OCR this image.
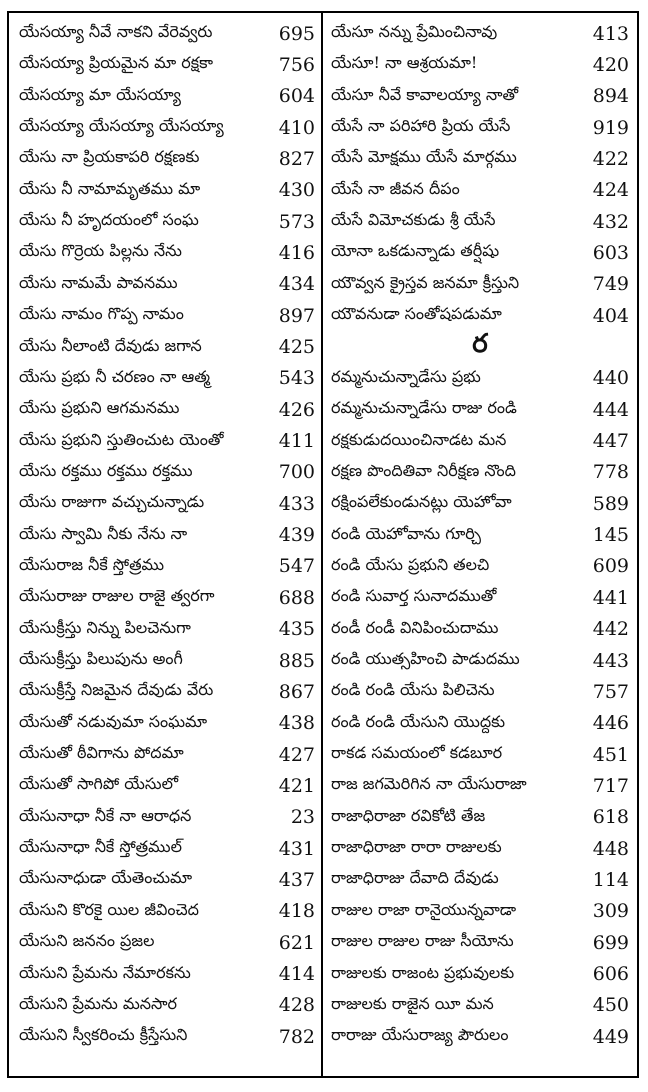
యేసయ్యా నీవే నాకని వేరెవ్వరు	695
యేసయ్యా ప్రియమైన మా రక్షకా	756
యేసయ్యా మా యేసయ్యా	604
యేసయ్యా యేసయ్యా యేసయ్యా	410
యేసు నా ప్రియకాపరి రక్షణకు	827
యేసు నీ నామామృతము మా	430
యేసు నీ హృదయంలో సంఘ	573
యేసు గొర్రెయ పిల్లను నేను	416
యేసు నామమే పావనము	434
యేసు నామం గొప్ప నామం	897
యేసు నీలాంటి దేవుడు జగాన	425
యేసు ప్రభు నీ చరణం నా ఆత్మ	543
యేసు ప్రభుని ఆగమనము	426
యేసు ప్రభుని స్తుతించుట యెంతో	411
యేసు రక్తము రక్తము రక్తము	700
యేసు రాజుగా వచ్చుచున్నాడు	433
యేసు స్వామి నీకు నేను నా	439
యేసురాజ నీకే స్తోత్రము	547
యేసురాజు రాజుల రాజై త్వరగా	688
యేసుక్రీస్తు నిన్ను పిలచెనుగా	435
యేసుక్రీస్తు పిలుపును అంగీ	885
యేసుక్రీస్తే నిజమైన దేవుడు వేరు	867
యేసుతో నడువుమా సంఘమా	438
యేసుతో ఠీవిగాను పోదమా	427
యేసుతో సాగిపో యేసులో	421
యేసునాధా నీకే నా ఆరాధన	23
యేసునాధా నీకే స్తోత్రముల్	431
యేసునాధుడా యేతెంచుమా	437
యేసుని కొరకై యిల జీవించెద	418
యేసుని జననం ప్రజల	621
యేసుని ప్రేమను నేమారకను	414
యేసుని ప్రేమను మనసార	428
యేసుని స్వీకరించు క్రీస్తేసుని	782
యేసూ నన్ను ప్రేమించినావు	413
యేసూ! నా ఆశ్రయమా!	420
యేసూ నీవే కావాలయ్యా నాతో	894
యేసే నా పరిహారి ప్రియ యేసే	919
యేసే మోక్షము యేసే మార్గము	422
యేసే నా జీవన దీపం	424
యేసే విమోచకుడు శ్రీ యేసే	432
యోనా ఒకడున్నాడు తర్షీషు	603
యౌవ్వన క్రైస్తవ జనమా క్రీస్తుని	749
యౌవనుడా సంతోషపడుమా	404
ర
రమ్మనుచున్నాడేసు ప్రభు	440
రమ్మనుచున్నాడేసు రాజు రండి	444
రక్షకుడుదయించినాడట మన	447
రక్షణ పొందితివా నిరీక్షణ నొంది	778
రక్షింపలేకుండునట్లు యెహోవా	589
రండి యెహోవాను గూర్చి	145
రండి యేసు ప్రభుని తలచి	609
రండి సువార్త సునాదముతో	441
రండీ రండీ వినిపించుదాము	442
రండి యుత్సహించి పాడుదము	443
రండి రండి యేసు పిలిచెను	757
రండి రండి యేసుని యొద్దకు	446
రాకడ సమయంలో కడబూర	451
రాజ జగమెరిగిన నా యేసురాజా	717
రాజాధిరాజా రవికోటి తేజ	618
రాజాధిరాజా రారా రాజులకు	448
రాజాధిరాజు దేవాది దేవుడు	114
రాజుల రాజా రానైయున్నవాడా	309
రాజుల రాజుల రాజు సీయోను	699
రాజులకు రాజంట ప్రభువులకు	606
రాజులకు రాజైన యీ మన	450
రారాజు యేసురాజ్య పౌరులం	449
